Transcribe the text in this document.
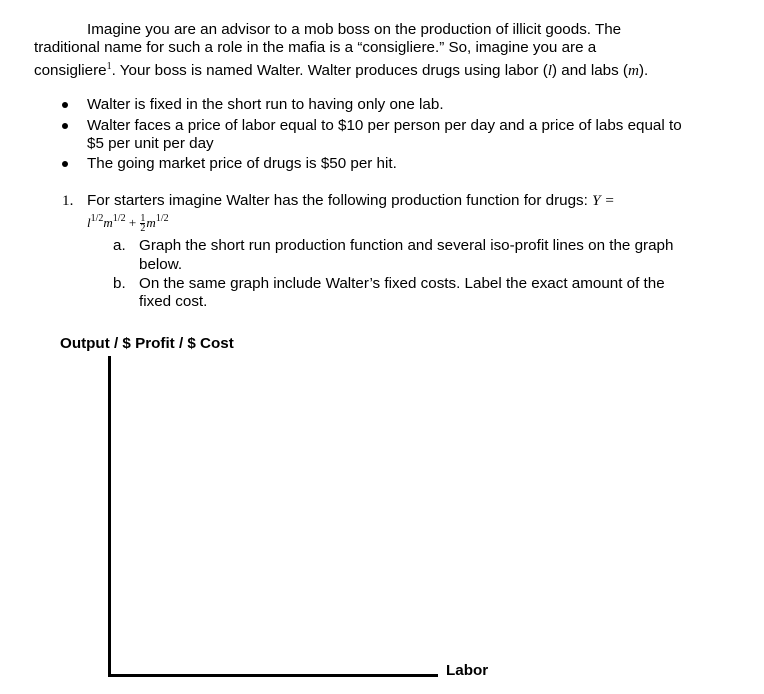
Imagine you are an advisor to a mob boss on the production of illicit goods. The
traditional name for such a role in the mafia is a “consigliere.” So, imagine you are a
consigliere$^1$. Your boss is named Walter. Walter produces drugs using labor (l) and labs (m).
Walter is fixed in the short run to having only one lab.
Walter faces a price of labor equal to $10 per person per day and a price of labs equal to
$5 per unit per day
The going market price of drugs is $50 per hit.
1. For starters imagine Walter has the following production function for drugs: Y =
$l^{1/2}m^{1/2} + \frac{1}{2} m^{1/2}$
a. Graph the short run production function and several iso-profit lines on the graph
below.
b. On the same graph include Walter’s fixed costs. Label the exact amount of the
fixed cost.
Output / $ Profit / $ Cost
Labor
